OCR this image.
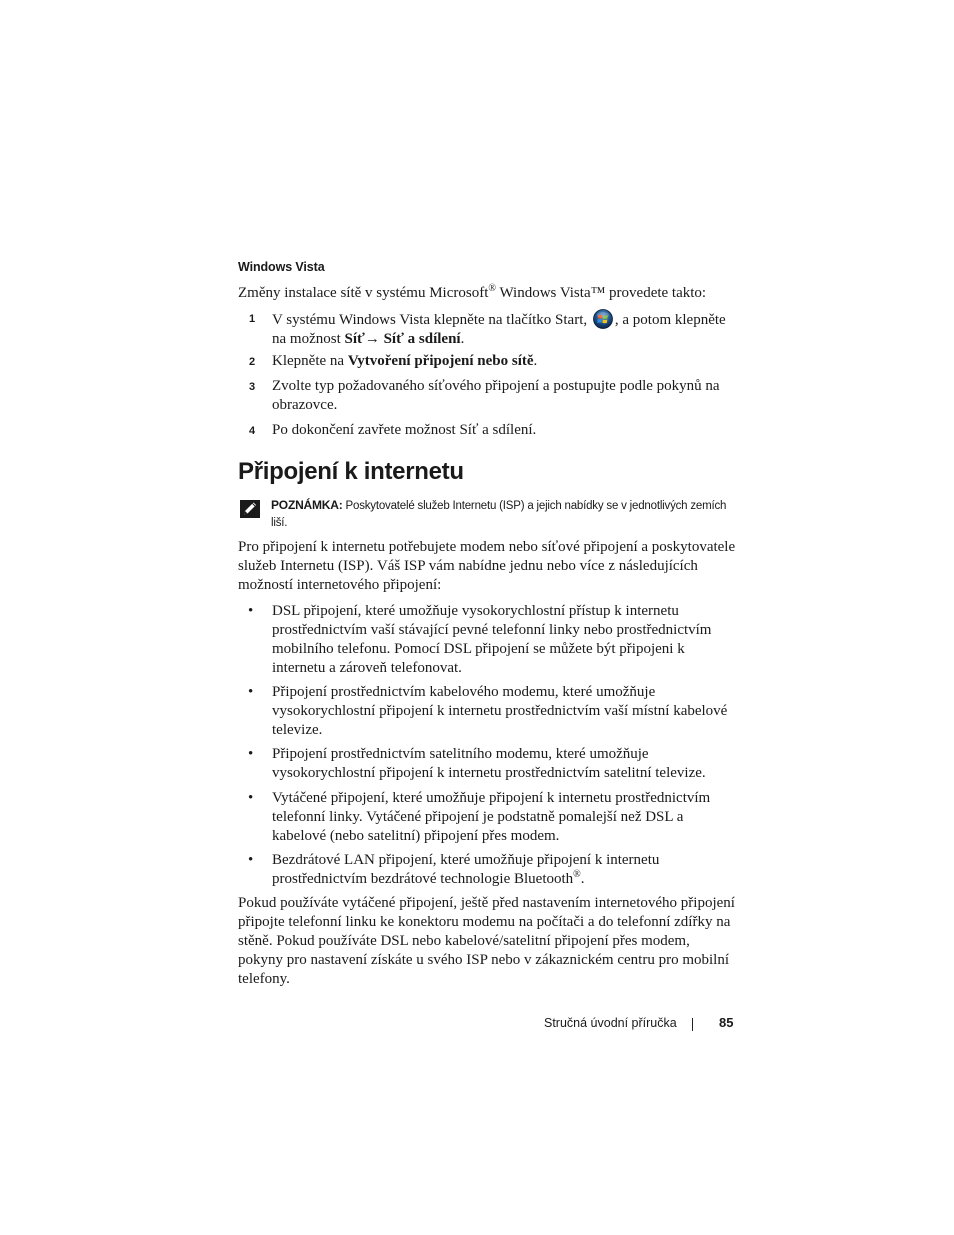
Windows Vista
Změny instalace sítě v systému Microsoft® Windows Vista™ provedete takto:
1 V systému Windows Vista klepněte na tlačítko Start, , a potom klepněte na možnost Síť→ Síť a sdílení.
2 Klepněte na Vytvoření připojení nebo sítě.
3 Zvolte typ požadovaného síťového připojení a postupujte podle pokynů na obrazovce.
4 Po dokončení zavřete možnost Síť a sdílení.
Připojení k internetu
POZNÁMKA: Poskytovatelé služeb Internetu (ISP) a jejich nabídky se v jednotlivých zemích liší.
Pro připojení k internetu potřebujete modem nebo síťové připojení a poskytovatele služeb Internetu (ISP). Váš ISP vám nabídne jednu nebo více z následujících možností internetového připojení:
• DSL připojení, které umožňuje vysokorychlostní přístup k internetu prostřednictvím vaší stávající pevné telefonní linky nebo prostřednictvím mobilního telefonu. Pomocí DSL připojení se můžete být připojeni k internetu a zároveň telefonovat.
• Připojení prostřednictvím kabelového modemu, které umožňuje vysokorychlostní připojení k internetu prostřednictvím vaší místní kabelové televize.
• Připojení prostřednictvím satelitního modemu, které umožňuje vysokorychlostní připojení k internetu prostřednictvím satelitní televize.
• Vytáčené připojení, které umožňuje připojení k internetu prostřednictvím telefonní linky. Vytáčené připojení je podstatně pomalejší než DSL a kabelové (nebo satelitní) připojení přes modem.
• Bezdrátové LAN připojení, které umožňuje připojení k internetu prostřednictvím bezdrátové technologie Bluetooth®.
Pokud používáte vytáčené připojení, ještě před nastavením internetového připojení připojte telefonní linku ke konektoru modemu na počítači a do telefonní zdířky na stěně. Pokud používáte DSL nebo kabelové/satelitní připojení přes modem, pokyny pro nastavení získáte u svého ISP nebo v zákaznickém centru pro mobilní telefony.
Stručná úvodní příručka	85
